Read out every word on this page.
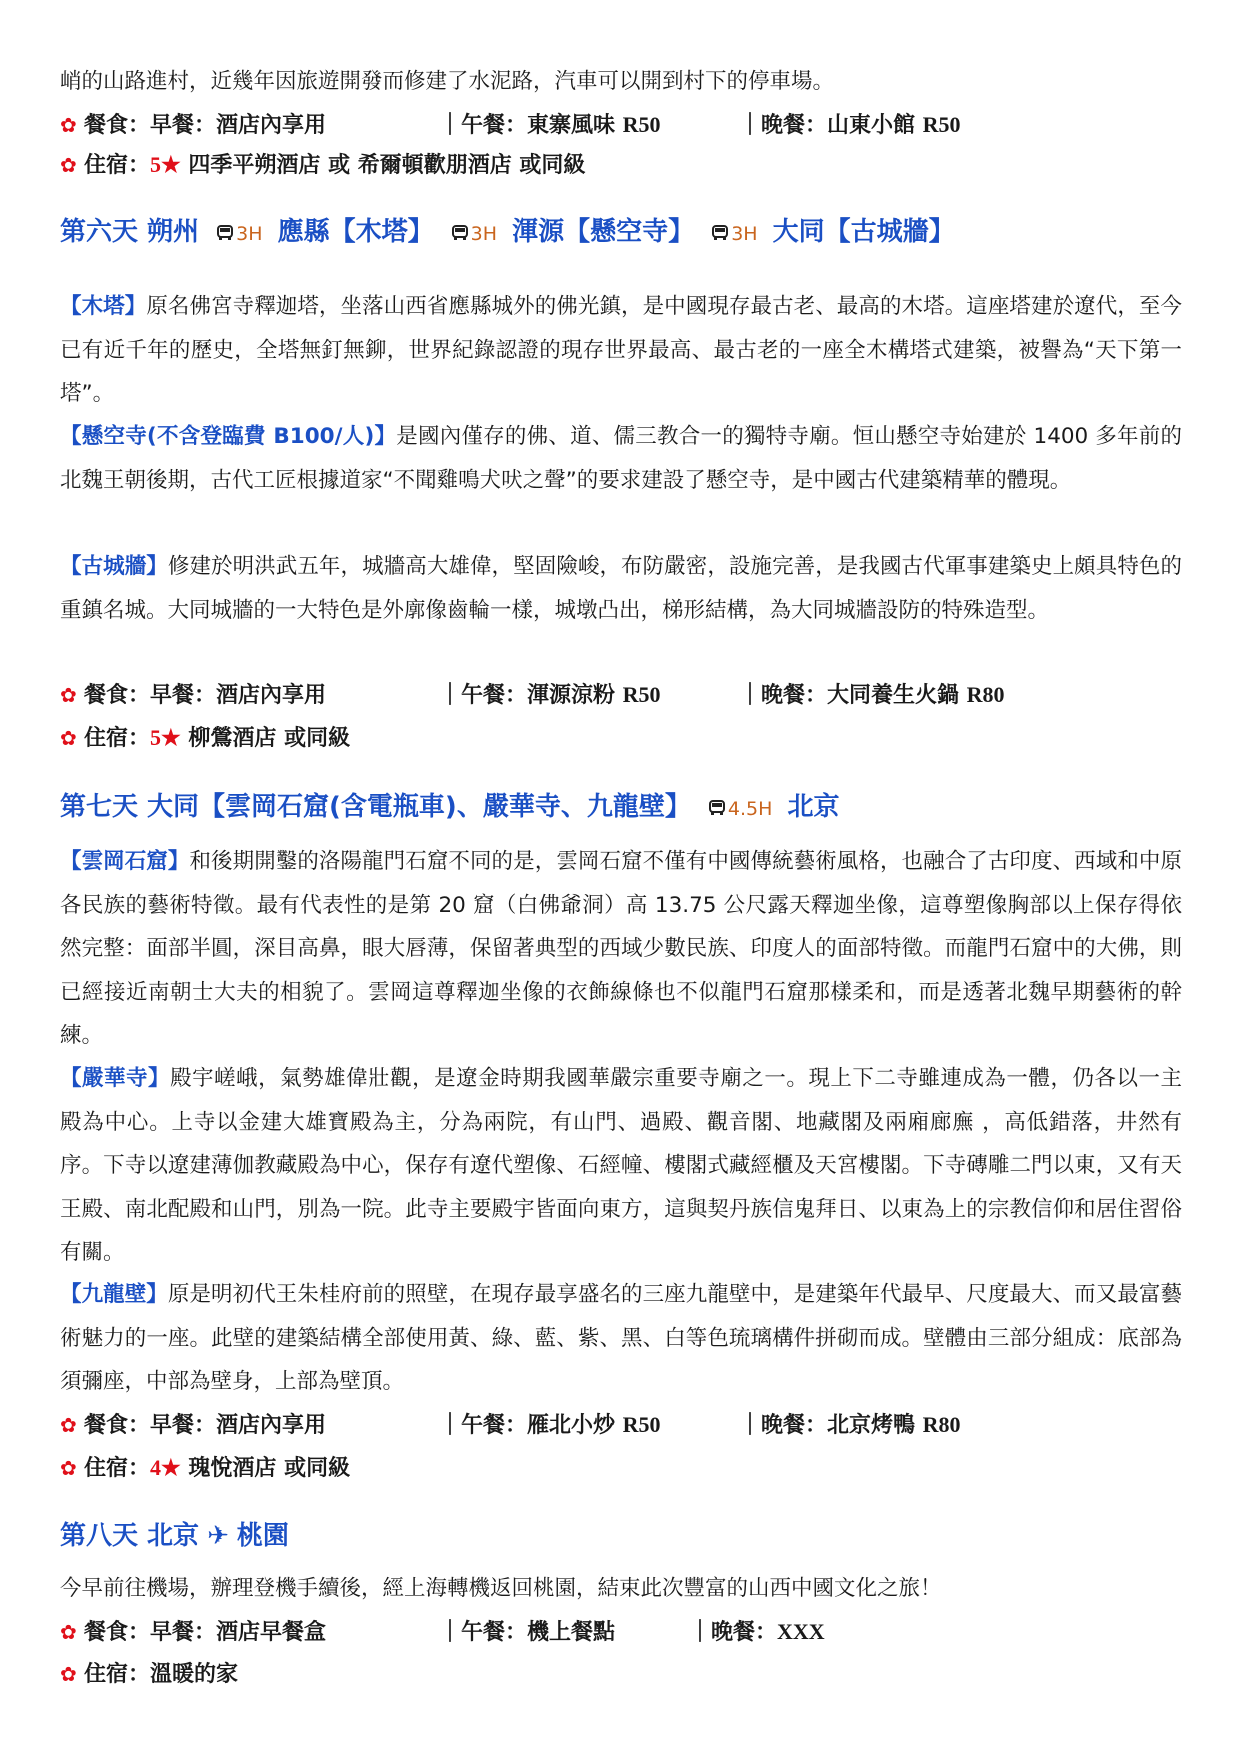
峭的山路進村，近幾年因旅遊開發而修建了水泥路，汽車可以開到村下的停車場。

✿ 餐食：早餐：酒店內享用	｜午餐：東寨風味 R50	｜晚餐：山東小館 R50
✿ 住宿：5★ 四季平朔酒店 或 希爾頓歡朋酒店 或同級
第六天 朔州 3H 應縣【木塔】 3H 渾源【懸空寺】 3H 大同【古城牆】

【木塔】原名佛宮寺釋迦塔，坐落山西省應縣城外的佛光鎮，是中國現存最古老、最高的木塔。這座塔建於遼代，至今已有近千年的歷史，全塔無釘無鉚，世界紀錄認證的現存世界最高、最古老的一座全木構塔式建築，被譽為“天下第一塔”。

【懸空寺(不含登臨費 B100/人)】是國內僅存的佛、道、儒三教合一的獨特寺廟。恒山懸空寺始建於 1400 多年前的北魏王朝後期，古代工匠根據道家“不聞雞鳴犬吠之聲”的要求建設了懸空寺，是中國古代建築精華的體現。

【古城牆】修建於明洪武五年，城牆高大雄偉，堅固險峻，布防嚴密，設施完善，是我國古代軍事建築史上頗具特色的重鎮名城。大同城牆的一大特色是外廓像齒輪一樣，城墩凸出，梯形結構，為大同城牆設防的特殊造型。

✿ 餐食：早餐：酒店內享用	｜午餐：渾源涼粉 R50	｜晚餐：大同養生火鍋 R80
✿ 住宿：5★ 柳鶯酒店 或同級
第七天 大同【雲岡石窟(含電瓶車)、嚴華寺、九龍壁】 4.5H 北京

【雲岡石窟】和後期開鑿的洛陽龍門石窟不同的是，雲岡石窟不僅有中國傳統藝術風格，也融合了古印度、西域和中原各民族的藝術特徵。最有代表性的是第 20 窟（白佛爺洞）高 13.75 公尺露天釋迦坐像，這尊塑像胸部以上保存得依然完整：面部半圓，深目高鼻，眼大唇薄，保留著典型的西域少數民族、印度人的面部特徵。而龍門石窟中的大佛，則已經接近南朝士大夫的相貌了。雲岡這尊釋迦坐像的衣飾線條也不似龍門石窟那樣柔和，而是透著北魏早期藝術的幹練。

【嚴華寺】殿宇嵯峨，氣勢雄偉壯觀，是遼金時期我國華嚴宗重要寺廟之一。現上下二寺雖連成為一體，仍各以一主 殿為中心。上寺以金建大雄寶殿為主，分為兩院，有山門、過殿、觀音閣、地藏閣及兩廂廊廡 ，高低錯落，井然有序。下寺以遼建薄伽教藏殿為中心，保存有遼代塑像、石經幢、樓閣式藏經櫃及天宮樓閣。下寺磚雕二門以東，又有天王殿、南北配殿和山門，別為一院。此寺主要殿宇皆面向東方，這與契丹族信鬼拜日、以東為上的宗教信仰和居住習俗有關。

【九龍壁】原是明初代王朱桂府前的照壁，在現存最享盛名的三座九龍壁中，是建築年代最早、尺度最大、而又最富藝術魅力的一座。此壁的建築結構全部使用黃、綠、藍、紫、黑、白等色琉璃構件拼砌而成。壁體由三部分組成：底部為須彌座，中部為壁身，上部為壁頂。

✿ 餐食：早餐：酒店內享用	｜午餐：雁北小炒 R50	｜晚餐：北京烤鴨 R80
✿ 住宿：4★ 瑰悅酒店 或同級
第八天 北京 ✈ 桃園

今早前往機場，辦理登機手續後，經上海轉機返回桃園，結束此次豐富的山西中國文化之旅！

✿ 餐食：早餐：酒店早餐盒	｜午餐：機上餐點	｜晚餐：XXX
✿ 住宿：溫暖的家
